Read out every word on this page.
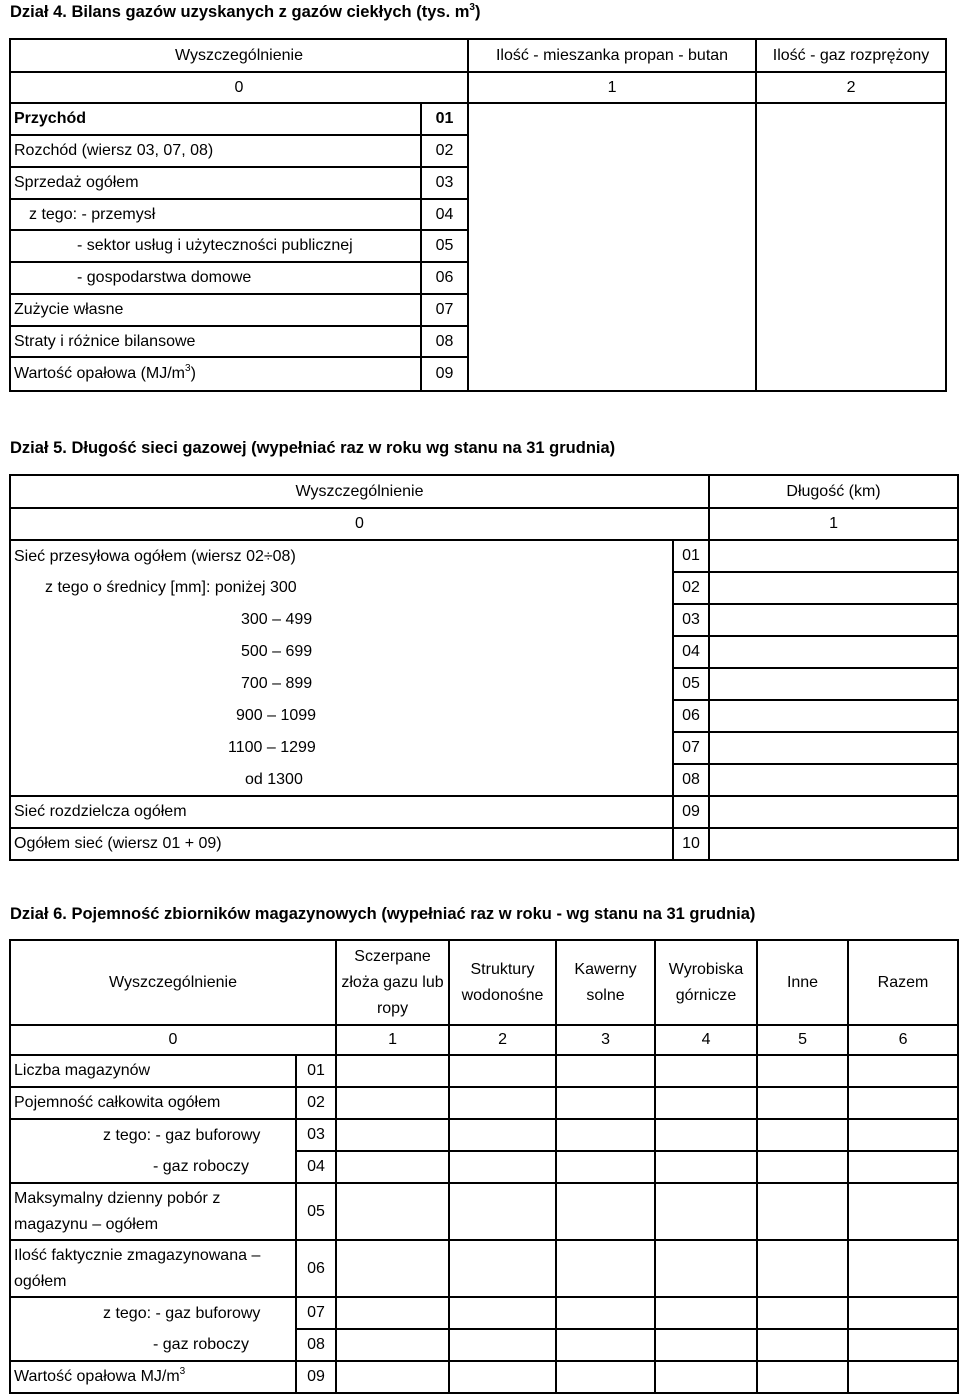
Dział 4. Bilans gazów uzyskanych z gazów ciekłych (tys. $m^3$)
Wyszczególnienie		Ilość - mieszanka propan - butan	Ilość - gaz rozprężony
0		1	2
Przychód	01		
Rozchód (wiersz 03, 07, 08)	02		
Sprzedaż ogółem	03		
z tego: - przemysł	04		
- sektor usług i użyteczności publicznej	05		
- gospodarstwa domowe	06		
Zużycie własne	07		
Straty i różnice bilansowe	08		
Wartość opałowa $(MJ/m^3)$	09		
Dział 5. Długość sieci gazowej (wypełniać raz w roku wg stanu na 31 grudnia)
Wyszczególnienie		Długość (km)
0		1
Sieć przesyłowa ogółem (wiersz 02÷08)	01	
z tego o średnicy [mm]: poniżej 300	02	
300 – 499	03	
500 – 699	04	
700 – 899	05	
900 – 1099	06	
1100 – 1299	07	
od 1300	08	
Sieć rozdzielcza ogółem	09	
Ogółem sieć (wiersz 01 + 09)	10	
Dział 6. Pojemność zbiorników magazynowych (wypełniać raz w roku - wg stanu na 31 grudnia)
Wyszczególnienie		Sczerpane złoża gazu lub ropy	Struktury wodonośne	Kawerny solne	Wyrobiska górnicze	Inne	Razem
0		1	2	3	4	5	6
Liczba magazynów	01						
Pojemność całkowita ogółem	02						
z tego: - gaz buforowy	03						
- gaz roboczy	04						
Maksymalny dzienny pobór z magazynu – ogółem	05						
Ilość faktycznie zmagazynowana – ogółem	06						
z tego: - gaz buforowy	07						
- gaz roboczy	08						
Wartość opałowa $MJ/m^3$	09						
